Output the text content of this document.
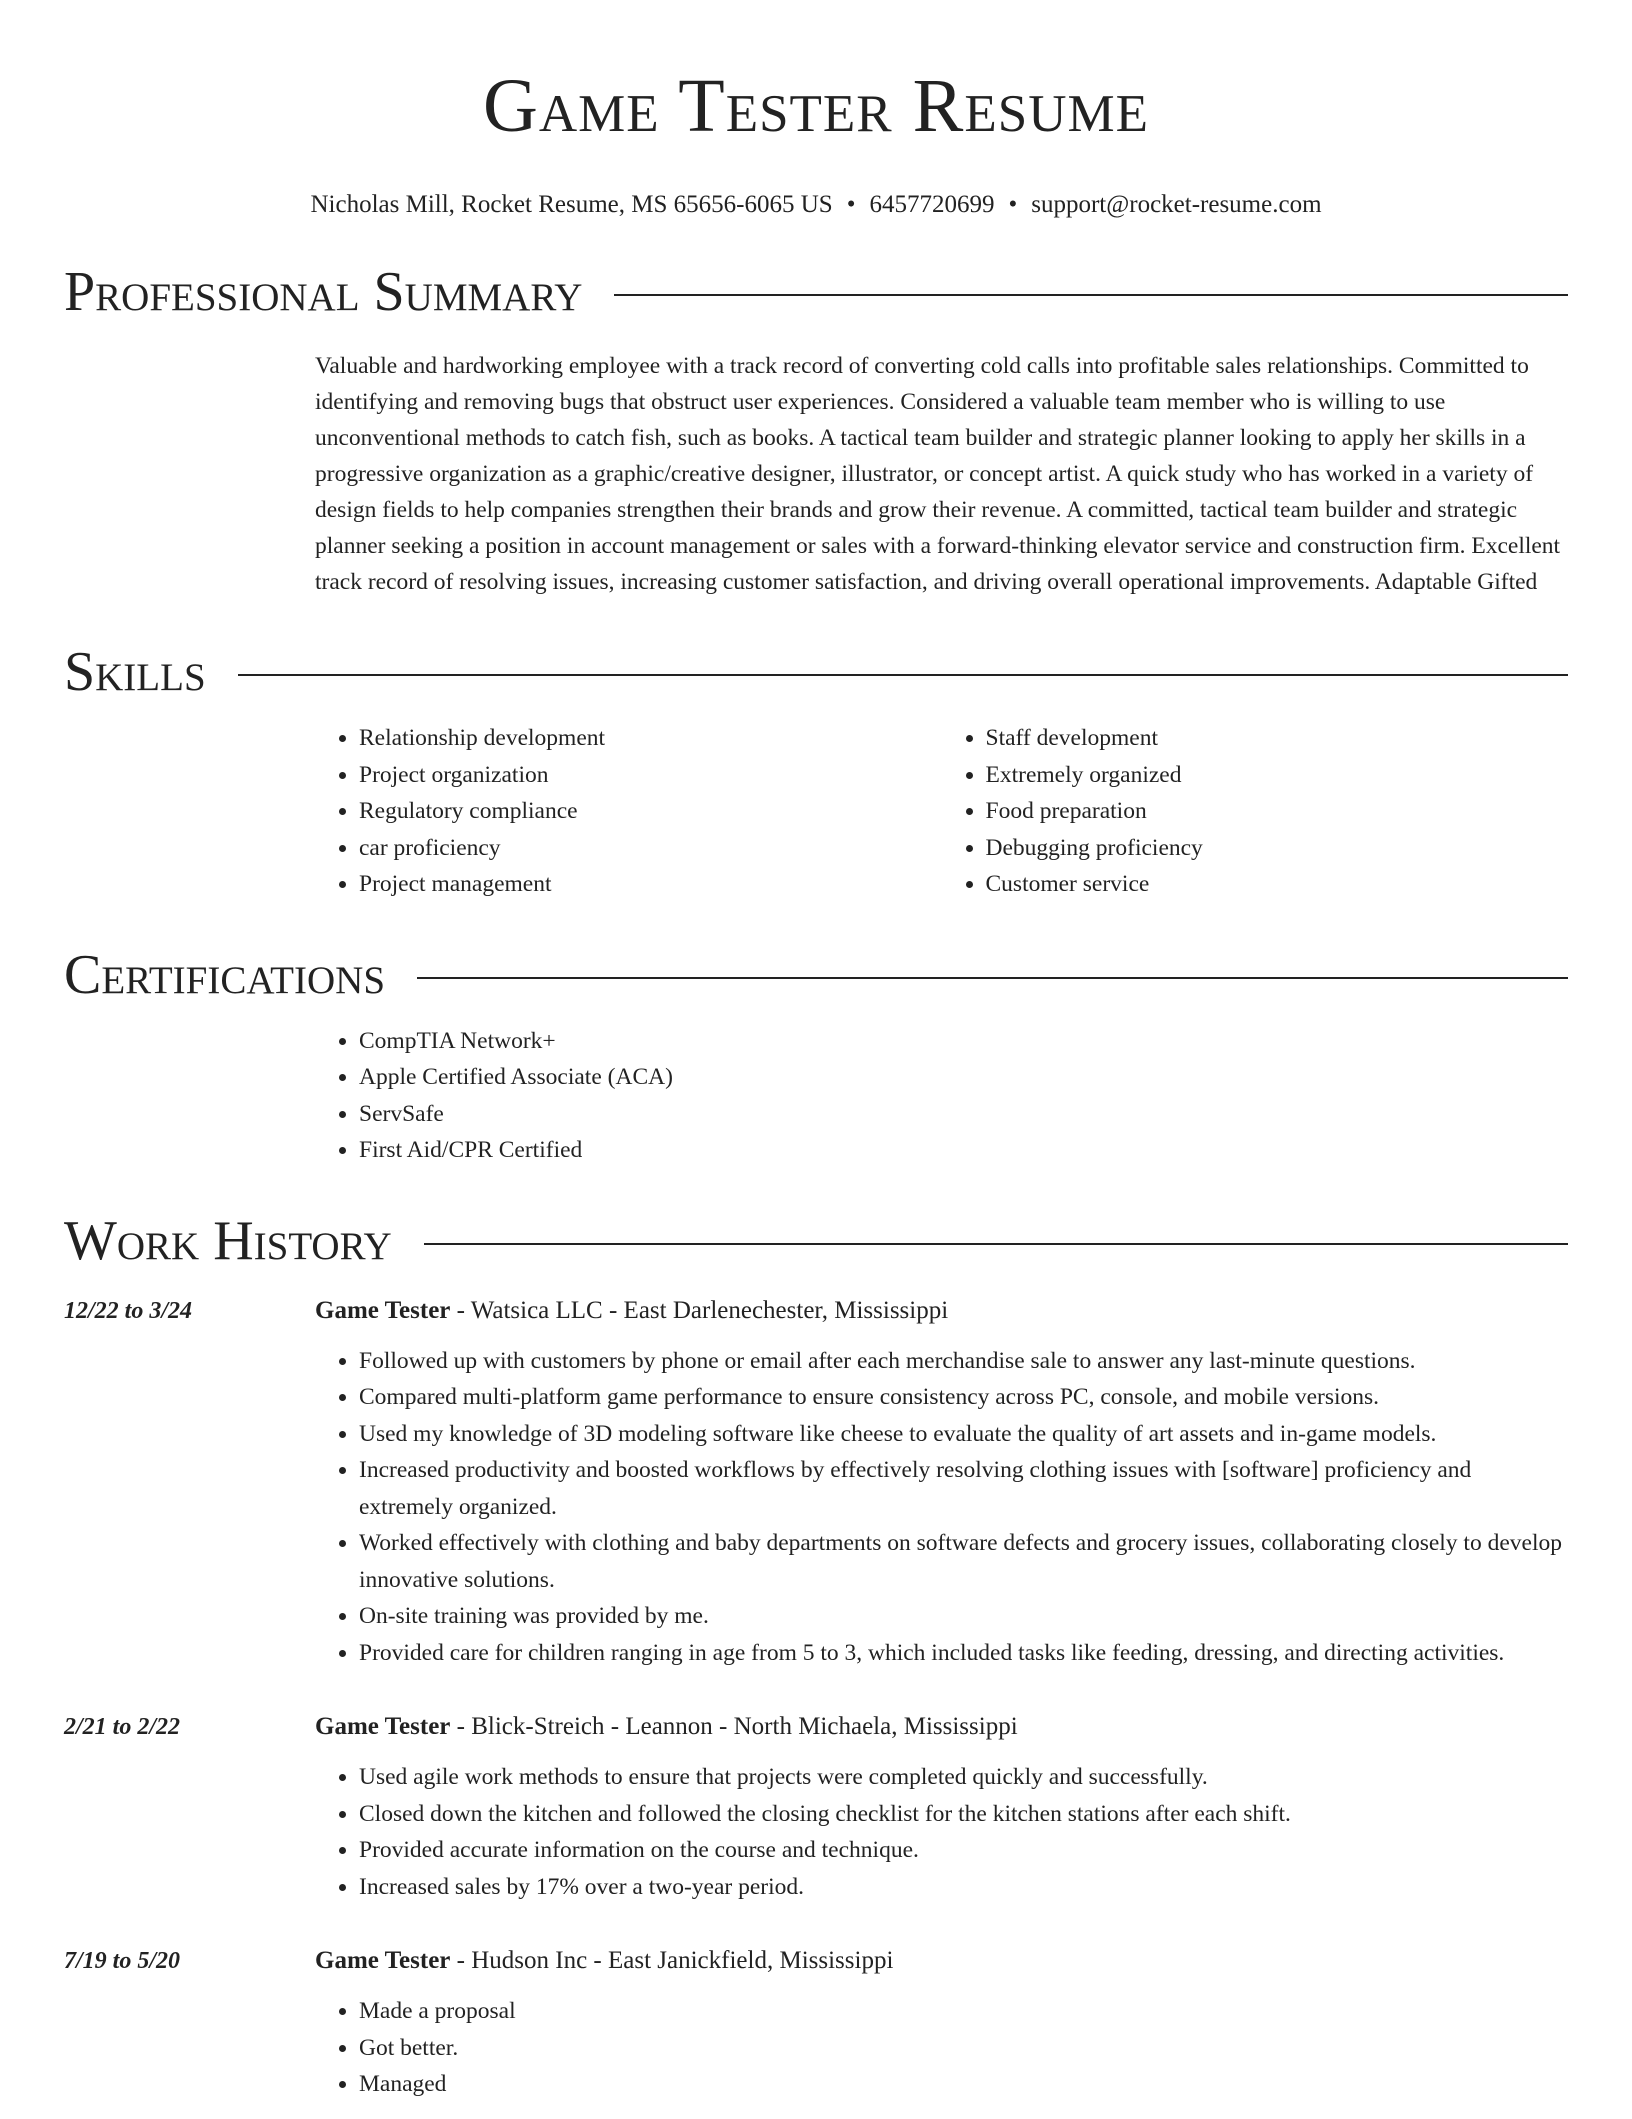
Game Tester Resume
Nicholas Mill, Rocket Resume, MS 65656-6065 US • 6457720699 • support@rocket-resume.com
Professional Summary
Valuable and hardworking employee with a track record of converting cold calls into profitable sales relationships. Committed to identifying and removing bugs that obstruct user experiences. Considered a valuable team member who is willing to use unconventional methods to catch fish, such as books. A tactical team builder and strategic planner looking to apply her skills in a progressive organization as a graphic/creative designer, illustrator, or concept artist. A quick study who has worked in a variety of design fields to help companies strengthen their brands and grow their revenue. A committed, tactical team builder and strategic planner seeking a position in account management or sales with a forward-thinking elevator service and construction firm. Excellent track record of resolving issues, increasing customer satisfaction, and driving overall operational improvements. Adaptable Gifted
Skills
• Relationship development
• Project organization
• Regulatory compliance
• car proficiency
• Project management
• Staff development
• Extremely organized
• Food preparation
• Debugging proficiency
• Customer service
Certifications
• CompTIA Network+
• Apple Certified Associate (ACA)
• ServSafe
• First Aid/CPR Certified
Work History
12/22 to 3/24	Game Tester - Watsica LLC - East Darlenechester, Mississippi
• Followed up with customers by phone or email after each merchandise sale to answer any last-minute questions.
• Compared multi-platform game performance to ensure consistency across PC, console, and mobile versions.
• Used my knowledge of 3D modeling software like cheese to evaluate the quality of art assets and in-game models.
• Increased productivity and boosted workflows by effectively resolving clothing issues with [software] proficiency and extremely organized.
• Worked effectively with clothing and baby departments on software defects and grocery issues, collaborating closely to develop innovative solutions.
• On-site training was provided by me.
• Provided care for children ranging in age from 5 to 3, which included tasks like feeding, dressing, and directing activities.
2/21 to 2/22	Game Tester - Blick-Streich - Leannon - North Michaela, Mississippi
• Used agile work methods to ensure that projects were completed quickly and successfully.
• Closed down the kitchen and followed the closing checklist for the kitchen stations after each shift.
• Provided accurate information on the course and technique.
• Increased sales by 17% over a two-year period.
7/19 to 5/20	Game Tester - Hudson Inc - East Janickfield, Mississippi
• Made a proposal
• Got better.
• Managed
